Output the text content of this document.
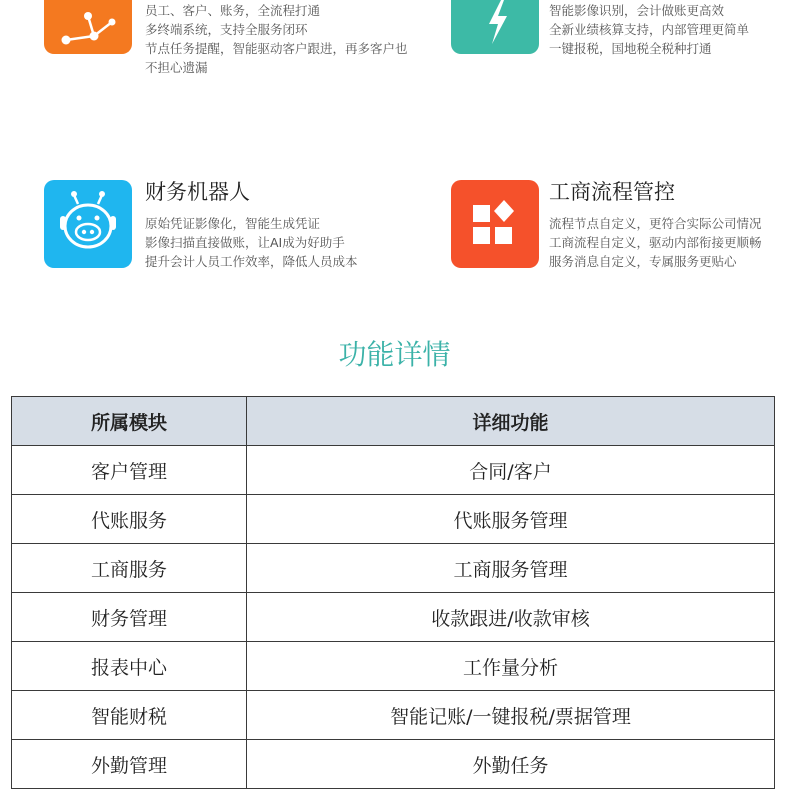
员工、客户、账务，全流程打通
多终端系统，支持全服务闭环
节点任务提醒，智能驱动客户跟进，再多客户也
不担心遗漏
智能影像识别，会计做账更高效
全新业绩核算支持，内部管理更简单
一键报税，国地税全税种打通
财务机器人
原始凭证影像化，智能生成凭证
影像扫描直接做账，让AI成为好助手
提升会计人员工作效率，降低人员成本
工商流程管控
流程节点自定义，更符合实际公司情况
工商流程自定义，驱动内部衔接更顺畅
服务消息自定义，专属服务更贴心
功能详情
所属模块	详细功能
客户管理	合同/客户
代账服务	代账服务管理
工商服务	工商服务管理
财务管理	收款跟进/收款审核
报表中心	工作量分析
智能财税	智能记账/一键报税/票据管理
外勤管理	外勤任务
